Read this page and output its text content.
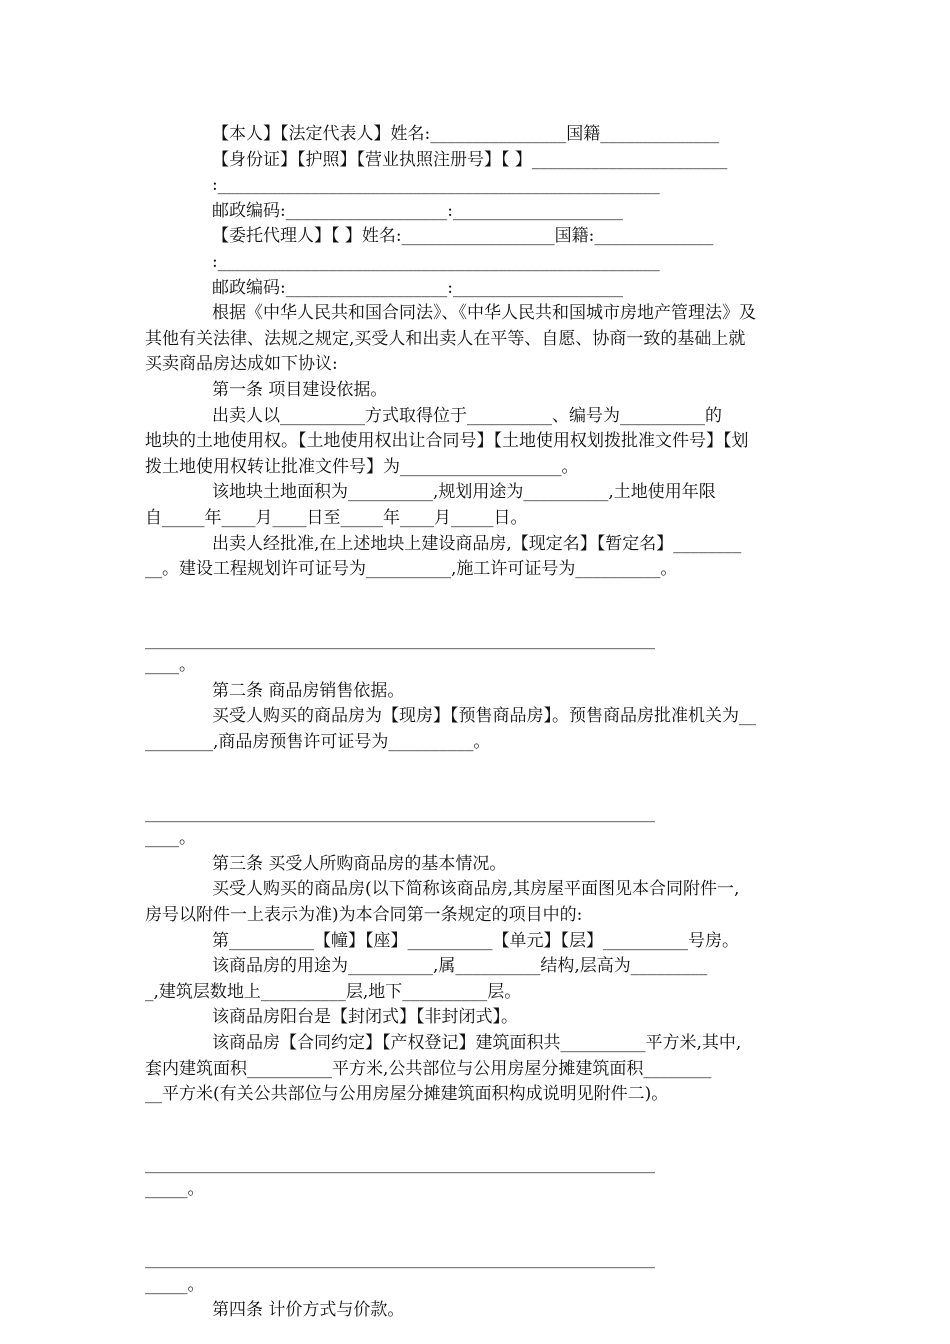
【本人】【法定代表人】姓名:________________国籍______________
【身份证】【护照】【营业执照注册号】【 】_______________________
:____________________________________________________
邮政编码:___________________:____________________
【委托代理人】【 】姓名:__________________国籍:______________
:____________________________________________________
邮政编码:___________________:____________________
根据《中华人民共和国合同法》、《中华人民共和国城市房地产管理法》及
其他有关法律、法规之规定,买受人和出卖人在平等、自愿、协商一致的基础上就
买卖商品房达成如下协议:
第一条 项目建设依据。
出卖人以__________方式取得位于__________、编号为__________的
地块的土地使用权。【土地使用权出让合同号】【土地使用权划拨批准文件号】【划
拨土地使用权转让批准文件号】为___________________。
该地块土地面积为__________,规划用途为__________,土地使用年限
自_____年____月____日至_____年____月_____日。
出卖人经批准,在上述地块上建设商品房,【现定名】【暂定名】________
__。建设工程规划许可证号为__________,施工许可证号为__________。
____________________________________________________________
____。
第二条 商品房销售依据。
买受人购买的商品房为【现房】【预售商品房】。预售商品房批准机关为__
________,商品房预售许可证号为__________。
____________________________________________________________
____。
第三条 买受人所购商品房的基本情况。
买受人购买的商品房(以下简称该商品房,其房屋平面图见本合同附件一,
房号以附件一上表示为准)为本合同第一条规定的项目中的:
第__________【幢】【座】__________【单元】【层】__________号房。
该商品房的用途为__________,属__________结构,层高为_________
_,建筑层数地上__________层,地下__________层。
该商品房阳台是【封闭式】【非封闭式】。
该商品房【合同约定】【产权登记】建筑面积共__________平方米,其中,
套内建筑面积__________平方米,公共部位与公用房屋分摊建筑面积________
__平方米(有关公共部位与公用房屋分摊建筑面积构成说明见附件二)。
____________________________________________________________
_____。
____________________________________________________________
_____。
第四条 计价方式与价款。
